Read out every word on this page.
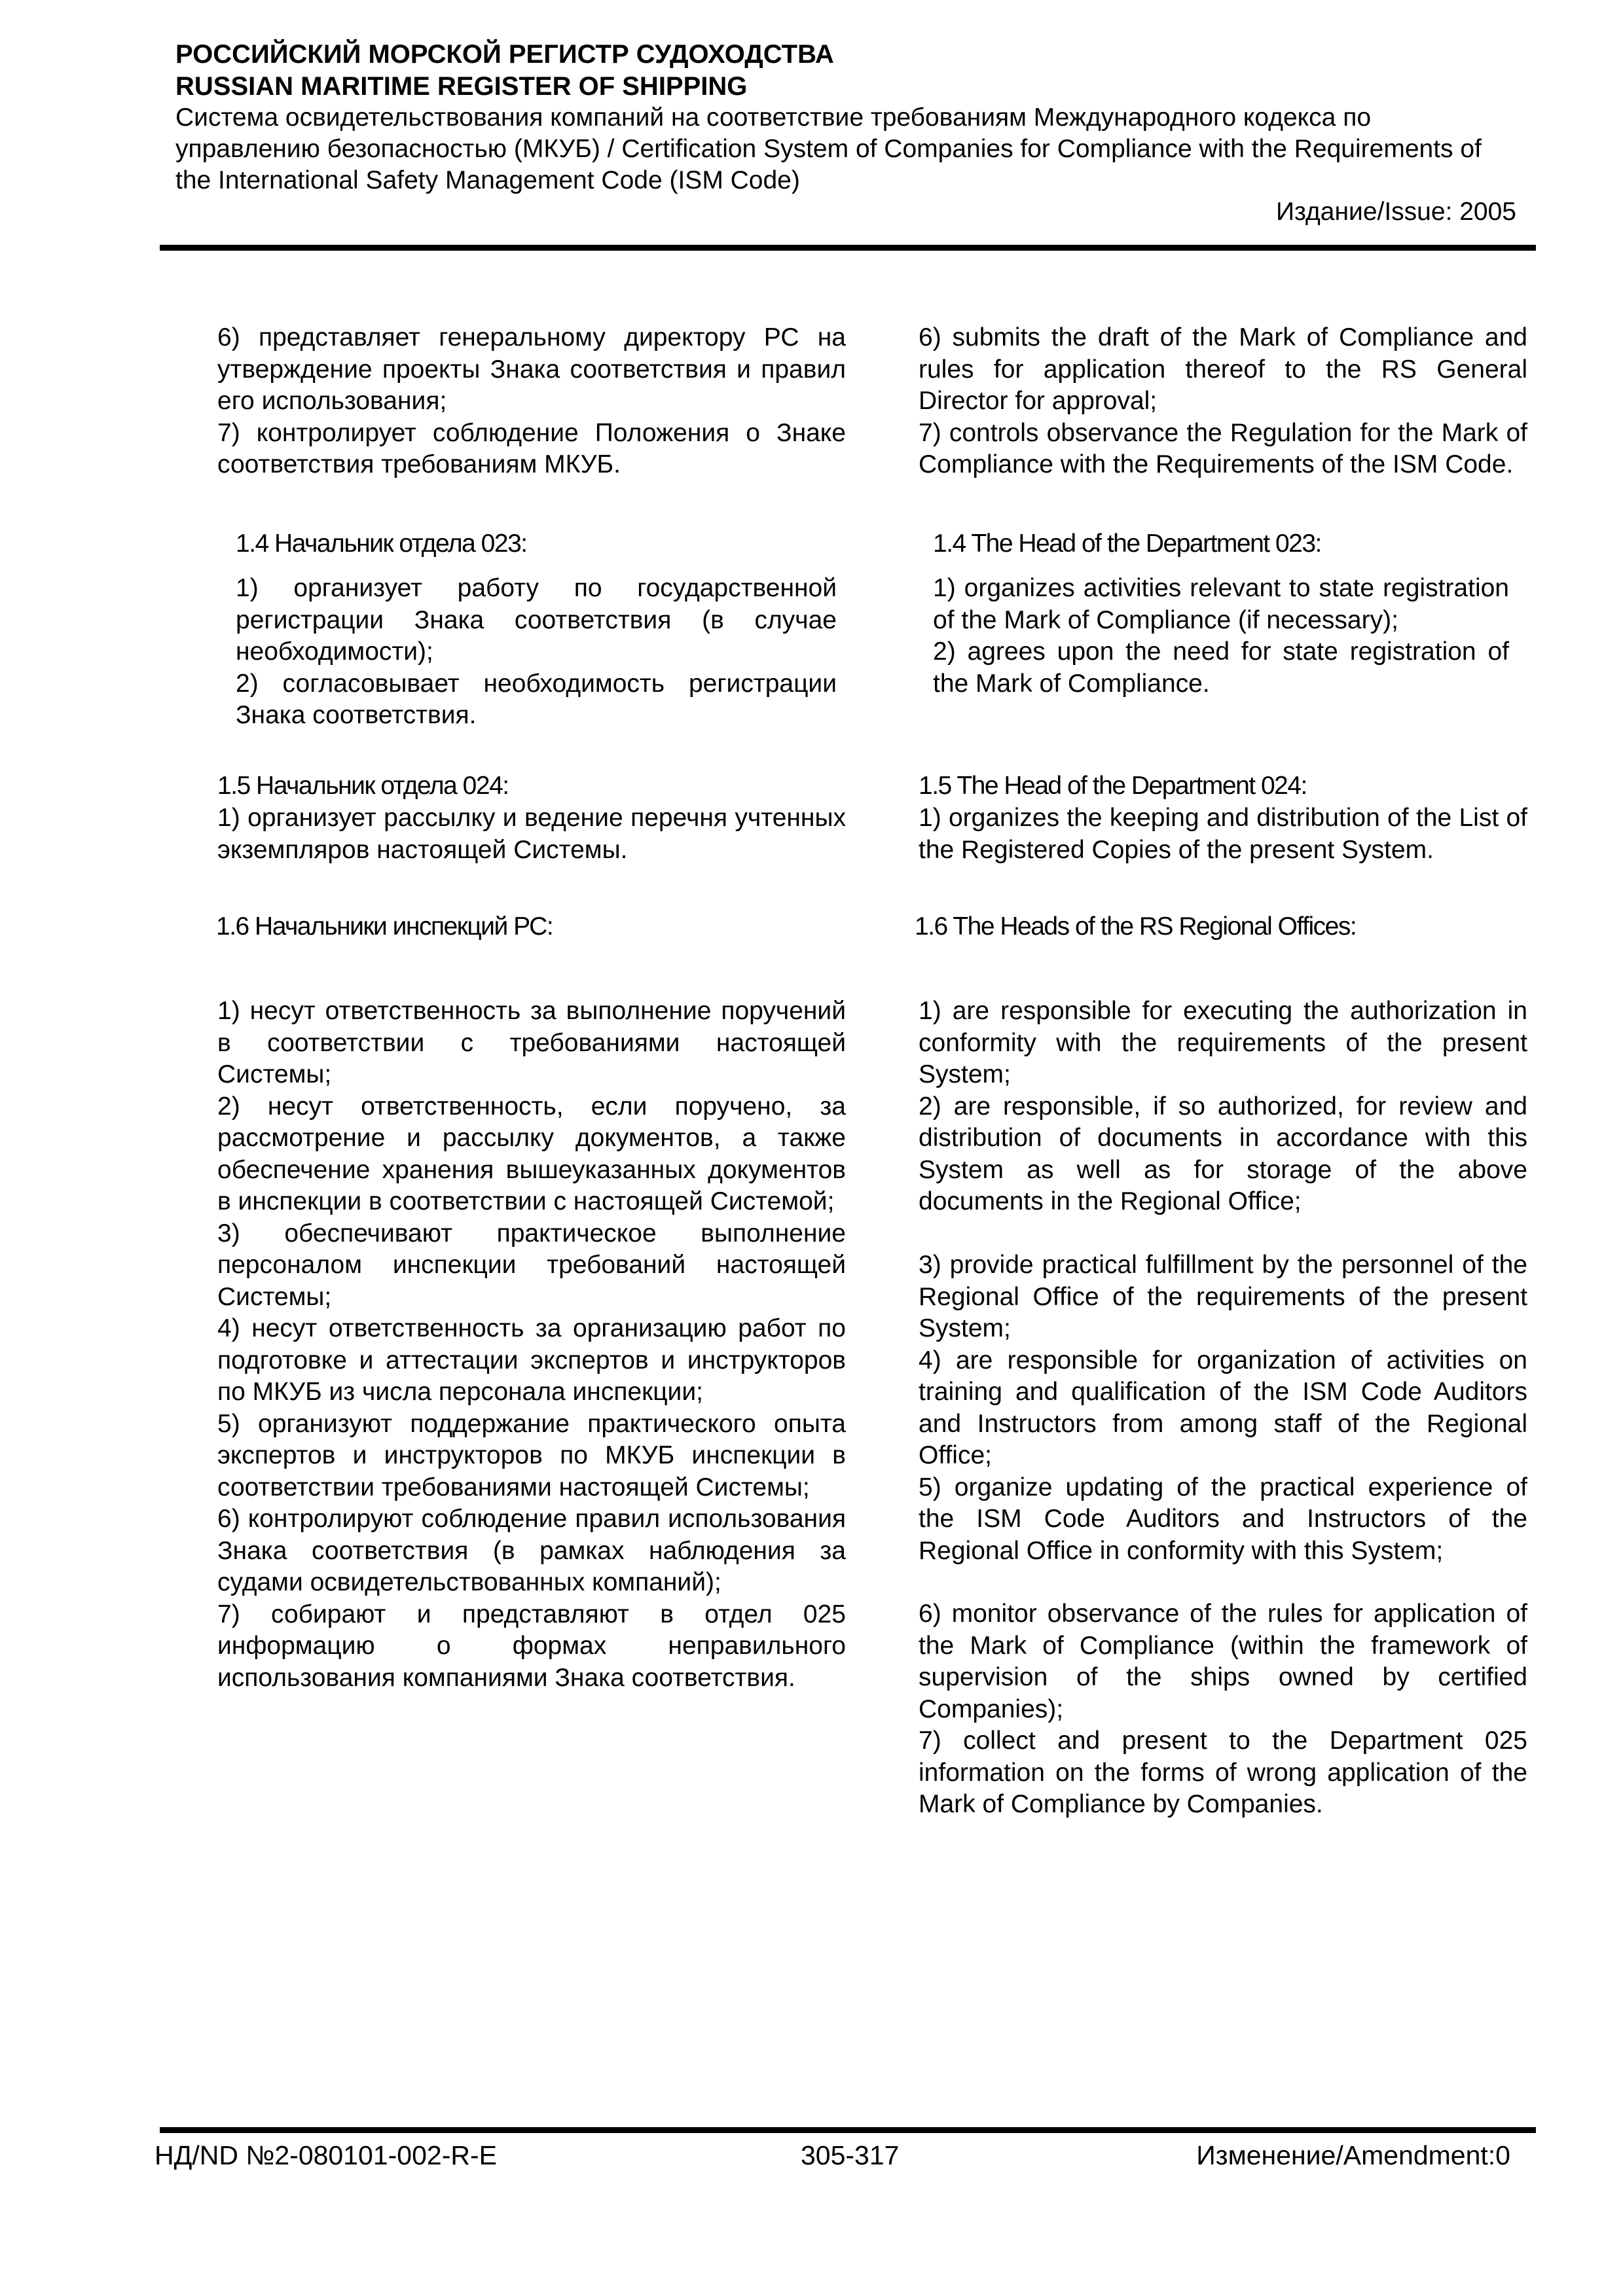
РОССИЙСКИЙ МОРСКОЙ РЕГИСТР СУДОХОДСТВА

RUSSIAN MARITIME REGISTER OF SHIPPING

Система освидетельствования компаний на соответствие требованиям Международного кодекса по управлению безопасностью (МКУБ) / Certification System of Companies for Compliance with the Requirements of the International Safety Management Code (ISM Code)

Издание/Issue: 2005

6) представляет генеральному директору РС на утверждение проекты Знака соответствия и правил его использования;

7) контролирует соблюдение Положения о Знаке соответствия требованиям МКУБ.

1.4 Начальник отдела 023:

1) организует работу по государственной регистрации Знака соответствия (в случае необходимости);

2) согласовывает необходимость регистрации Знака соответствия.

1.5 Начальник отдела 024:

1) организует рассылку и ведение перечня учтенных экземпляров настоящей Системы.

1.6 Начальники инспекций РС:

1) несут ответственность за выполнение поручений в соответствии с требованиями настоящей Системы;

2) несут ответственность, если поручено, за рассмотрение и рассылку документов, а также обеспечение хранения вышеуказанных документов в инспекции в соответствии с настоящей Системой;

3) обеспечивают практическое выполнение персоналом инспекции требований настоящей Системы;

4) несут ответственность за организацию работ по подготовке и аттестации экспертов и инструкторов по МКУБ из числа персонала инспекции;

5) организуют поддержание практического опыта экспертов и инструкторов по МКУБ инспекции в соответствии требованиями настоящей Системы;

6) контролируют соблюдение правил использования Знака соответствия (в рамках наблюдения за судами освидетельствованных компаний);

7) собирают и представляют в отдел 025 информацию о формах неправильного использования компаниями Знака соответствия.

6) submits the draft of the Mark of Compliance and rules for application thereof to the RS General Director for approval;

7) controls observance the Regulation for the Mark of Compliance with the Requirements of the ISM Code.

1.4 The Head of the Department 023:

1) organizes activities relevant to state registration of the Mark of Compliance (if necessary);

2) agrees upon the need for state registration of the Mark of Compliance.

1.5 The Head of the Department 024:

1) organizes the keeping and distribution of the List of the Registered Copies of the present System.

1.6 The Heads of the RS Regional Offices:

1) are responsible for executing the authorization in conformity with the requirements of the present System;

2) are responsible, if so authorized, for review and distribution of documents in accordance with this System as well as for storage of the above documents in the Regional Office;

3) provide practical fulfillment by the personnel of the Regional Office of the requirements of the present System;

4) are responsible for organization of activities on training and qualification of the ISM Code Auditors and Instructors from among staff of the Regional Office;

5) organize updating of the practical experience of the ISM Code Auditors and Instructors of the Regional Office in conformity with this System;

6) monitor observance of the rules for application of the Mark of Compliance (within the framework of supervision of the ships owned by certified Companies);

7) collect and present to the Department 025 information on the forms of wrong application of the Mark of Compliance by Companies.

НД/ND №2-080101-002-R-E	305-317	Изменение/Amendment:0
